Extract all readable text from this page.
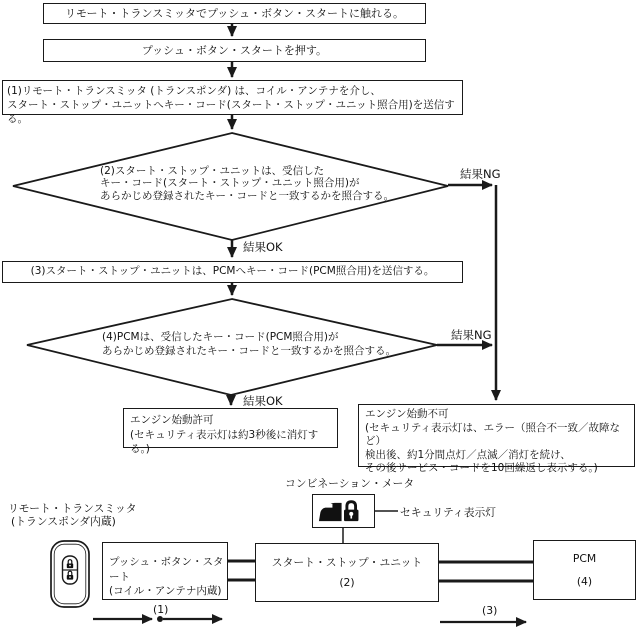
リモート・トランスミッタでプッシュ・ボタン・スタートに触れる。
プッシュ・ボタン・スタートを押す。
(1)リモート・トランスミッタ (トランスポンダ) は、コイル・アンテナを介し、
スタート・ストップ・ユニットへキー・コード(スタート・ストップ・ユニット照合用)を送信する。
(2)スタート・ストップ・ユニットは、受信した
キー・コード(スタート・ストップ・ユニット照合用)が
あらかじめ登録されたキー・コードと一致するかを照合する。
結果NG
結果OK
(3)スタート・ストップ・ユニットは、PCMへキー・コード(PCM照合用)を送信する。
(4)PCMは、受信したキー・コード(PCM照合用)が
あらかじめ登録されたキー・コードと一致するかを照合する。
結果NG
結果OK
エンジン始動許可
(セキュリティ表示灯は約3秒後に消灯する。)
エンジン始動不可
(セキュリティ表示灯は、エラー（照合不一致／故障など）
検出後、約1分間点灯／点滅／消灯を続け、
その後サービス・コードを10回繰返し表示する。)
コンビネーション・メータ
セキュリティ表示灯
リモート・トランスミッタ
(トランスポンダ内蔵)
プッシュ・ボタン・スタート
(コイル・アンテナ内蔵)
スタート・ストップ・ユニット
(2)
PCM
(4)
(1)	(3)
